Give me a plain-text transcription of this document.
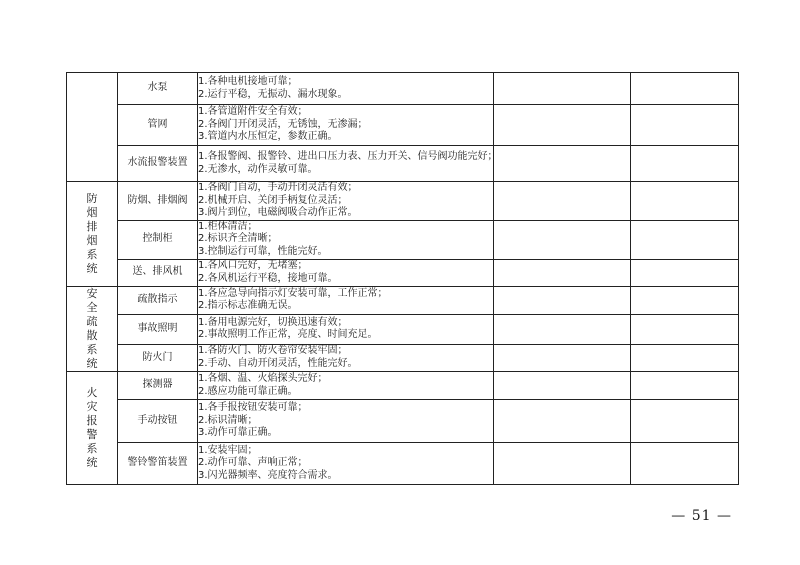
	水泵	1.各种电机接地可靠；
2.运行平稳，无振动、漏水现象。		

	管网	1.各管道附件安全有效；
2.各阀门开闭灵活，无锈蚀，无渗漏；
3.管道内水压恒定，参数正确。		

	水流报警装置	1.各报警阀、报警铃、进出口压力表、压力开关、信号阀功能完好；
2.无渗水，动作灵敏可靠。		

防烟排烟系统	防烟、排烟阀	1.各阀门自动，手动开闭灵活有效；
2.机械开启、关闭手柄复位灵活；
3.阀片到位，电磁阀吸合动作正常。		

	控制柜	1.柜体清洁；
2.标识齐全清晰；
3.控制运行可靠，性能完好。		

	送、排风机	1.各风口完好，无堵塞；
2.各风机运行平稳，接地可靠。		

安全疏散系统	疏散指示	1.各应急导向指示灯安装可靠，工作正常；
2.指示标志准确无误。		

	事故照明	1.备用电源完好，切换迅速有效；
2.事故照明工作正常，亮度、时间充足。		

	防火门	1.各防火门、防火卷帘安装牢固；
2.手动、自动开闭灵活，性能完好。		

火灾报警系统	探测器	1.各烟、温、火焰探头完好；
2.感应功能可靠正确。		

	手动按钮	1.各手报按钮安装可靠；
2.标识清晰；
3.动作可靠正确。		

	警铃警笛装置	1.安装牢固；
2.动作可靠、声响正常；
3.闪光器频率、亮度符合需求。		

— 51 —
